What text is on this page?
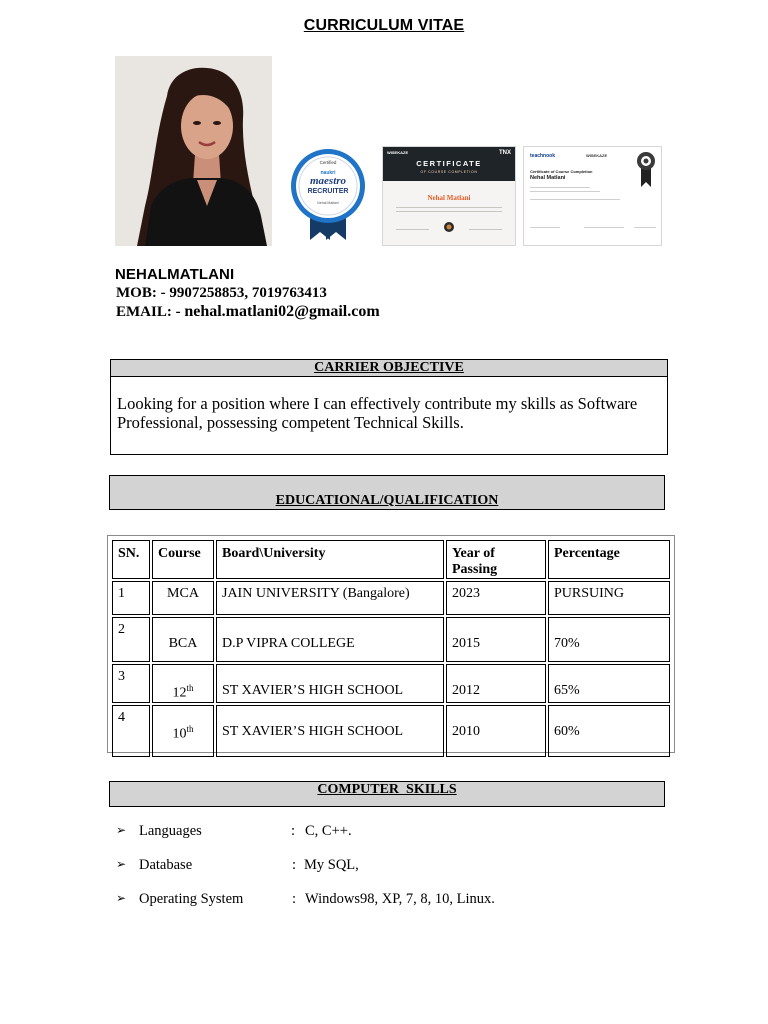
CURRICULUM VITAE
Certified
naukri
maestro
RECRUITER
Nehal Matlani
WISEKAZE	TNX
CERTIFICATE
OF COURSE COMPLETION
Nehal Matlani
teachnook	WISEKAZE
Certificate of Course Completion
Nehal Matlani
NEHALMATLANI
MOB: - 9907258853, 7019763413
EMAIL: - nehal.matlani02@gmail.com
CARRIER OBJECTIVE
Looking for a position where I can effectively contribute my skills as Software Professional, possessing competent Technical Skills.
EDUCATIONAL/QUALIFICATION
SN.	Course	Board\University	Year of Passing	Percentage
1	MCA	JAIN UNIVERSITY (Bangalore)	2023	PURSUING
2	BCA	D.P VIPRA COLLEGE	2015	70%

3	12th	ST XAVIER’S HIGH SCHOOL	2012	65%

4	10th	ST XAVIER’S HIGH SCHOOL	2010	60%
COMPUTER  SKILLS
➢ Languages	: C, C++.
➢ Database	: My SQL,
➢ Operating System	: Windows98, XP, 7, 8, 10, Linux.
